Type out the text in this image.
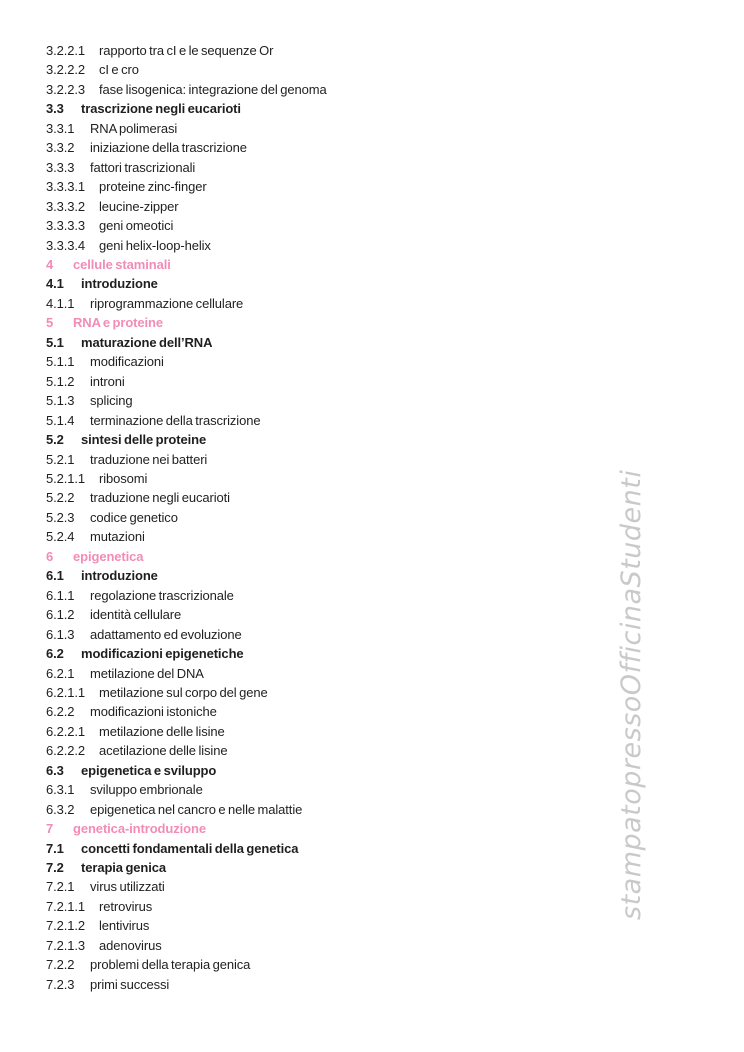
3.2.2.1	rapporto tra cI e le sequenze Or
3.2.2.2	cI e cro
3.2.2.3	fase lisogenica: integrazione del genoma
3.3	trascrizione negli eucarioti
3.3.1	RNA polimerasi
3.3.2	iniziazione della trascrizione
3.3.3	fattori trascrizionali
3.3.3.1	proteine zinc-finger
3.3.3.2	leucine-zipper
3.3.3.3	geni omeotici
3.3.3.4	geni helix-loop-helix
4	cellule staminali
4.1	introduzione
4.1.1	riprogrammazione cellulare
5	RNA e proteine
5.1	maturazione dell’RNA
5.1.1	modificazioni
5.1.2	introni
5.1.3	splicing
5.1.4	terminazione della trascrizione
5.2	sintesi delle proteine
5.2.1	traduzione nei batteri
5.2.1.1	ribosomi
5.2.2	traduzione negli eucarioti
5.2.3	codice genetico
5.2.4	mutazioni
6	epigenetica
6.1	introduzione
6.1.1	regolazione trascrizionale
6.1.2	identità cellulare
6.1.3	adattamento ed evoluzione
6.2	modificazioni epigenetiche
6.2.1	metilazione del DNA
6.2.1.1	metilazione sul corpo del gene
6.2.2	modificazioni istoniche
6.2.2.1	metilazione delle lisine
6.2.2.2	acetilazione delle lisine
6.3	epigenetica e sviluppo
6.3.1	sviluppo embrionale
6.3.2	epigenetica nel cancro e nelle malattie
7	genetica-introduzione
7.1	concetti fondamentali della genetica
7.2	terapia genica
7.2.1	virus utilizzati
7.2.1.1	retrovirus
7.2.1.2	lentivirus
7.2.1.3	adenovirus
7.2.2	problemi della terapia genica
7.2.3	primi successi
stampatopressoOfficinaStudenti
